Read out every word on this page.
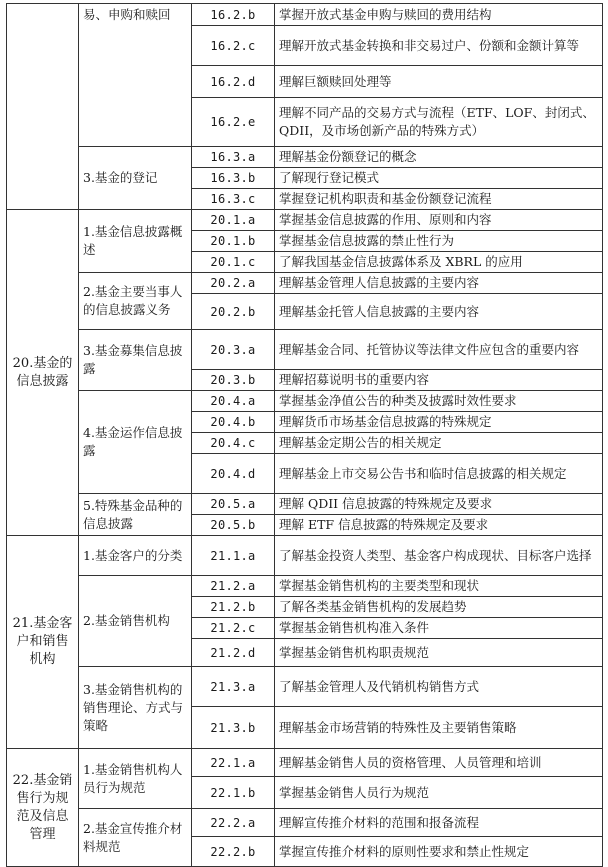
	易、申购和赎回	16.2.b	掌握开放式基金申购与赎回的费用结构
		16.2.c	理解开放式基金转换和非交易过户、份额和金额计算等
		16.2.d	理解巨额赎回处理等
		16.2.e	理解不同产品的交易方式与流程（ETF、LOF、封闭式、QDII，及市场创新产品的特殊方式）
	3.基金的登记	16.3.a	理解基金份额登记的概念
		16.3.b	了解现行登记模式
		16.3.c	掌握登记机构职责和基金份额登记流程
20.基金的信息披露	1.基金信息披露概述	20.1.a	掌握基金信息披露的作用、原则和内容
		20.1.b	掌握基金信息披露的禁止性行为
		20.1.c	了解我国基金信息披露体系及 XBRL 的应用
	2.基金主要当事人的信息披露义务	20.2.a	理解基金管理人信息披露的主要内容
		20.2.b	理解基金托管人信息披露的主要内容
	3.基金募集信息披露	20.3.a	理解基金合同、托管协议等法律文件应包含的重要内容
		20.3.b	理解招募说明书的重要内容
	4.基金运作信息披露	20.4.a	掌握基金净值公告的种类及披露时效性要求
		20.4.b	理解货币市场基金信息披露的特殊规定
		20.4.c	理解基金定期公告的相关规定
		20.4.d	理解基金上市交易公告书和临时信息披露的相关规定
	5.特殊基金品种的信息披露	20.5.a	理解 QDII 信息披露的特殊规定及要求
		20.5.b	理解 ETF 信息披露的特殊规定及要求
21.基金客户和销售机构	1.基金客户的分类	21.1.a	了解基金投资人类型、基金客户构成现状、目标客户选择
	2.基金销售机构	21.2.a	掌握基金销售机构的主要类型和现状
		21.2.b	了解各类基金销售机构的发展趋势
		21.2.c	掌握基金销售机构准入条件
		21.2.d	掌握基金销售机构职责规范
	3.基金销售机构的销售理论、方式与策略	21.3.a	了解基金管理人及代销机构销售方式
		21.3.b	理解基金市场营销的特殊性及主要销售策略
22.基金销售行为规范及信息管理	1.基金销售机构人员行为规范	22.1.a	理解基金销售人员的资格管理、人员管理和培训
		22.1.b	掌握基金销售人员行为规范
	2.基金宣传推介材料规范	22.2.a	理解宣传推介材料的范围和报备流程
		22.2.b	掌握宣传推介材料的原则性要求和禁止性规定
